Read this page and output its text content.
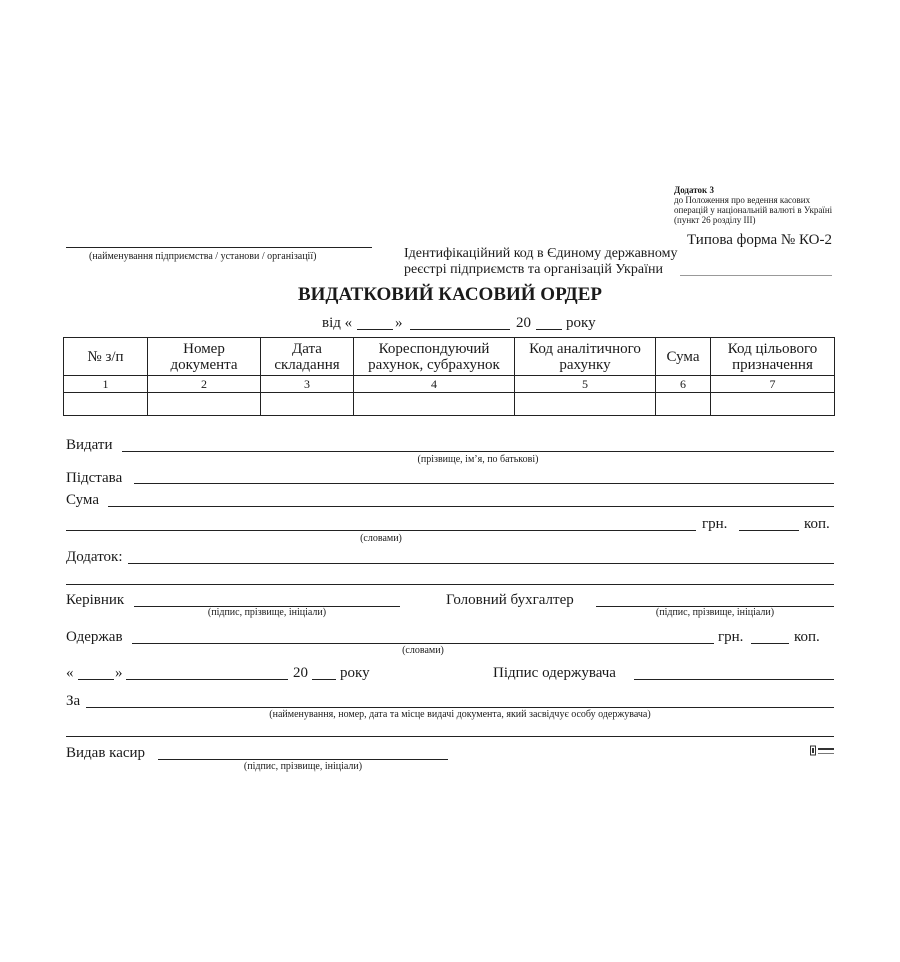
Додаток 3
до Положення про ведення касових
операцій у національній валюті в Україні
(пункт 26 розділу ІІІ)
Типова форма № КО-2
(найменування підприємства / установи / організації)	Ідентифікаційний код в Єдиному державному
реєстрі підприємств та організацій України
ВИДАТКОВИЙ КАСОВИЙ ОРДЕР
від «	»	20 року
№ з/п	Номер документа	Дата складання	Кореспондуючий рахунок, субрахунок	Код аналітичного рахунку	Сума	Код цільового призначення
1	2	3	4	5	6	7

Видати
(прізвище, ім’я, по батькові)
Підстава
Сума
грн.	коп.
(словами)
Додаток:
Керівник
(підпис, прізвище, ініціали)
Головний бухгалтер
(підпис, прізвище, ініціали)
Одержав	грн.	коп.
(словами)
«	»	20 року	Підпис одержувача
За
(найменування, номер, дата та місце видачі документа, який засвідчує особу одержувача)
Видав касир
(підпис, прізвище, ініціали)
